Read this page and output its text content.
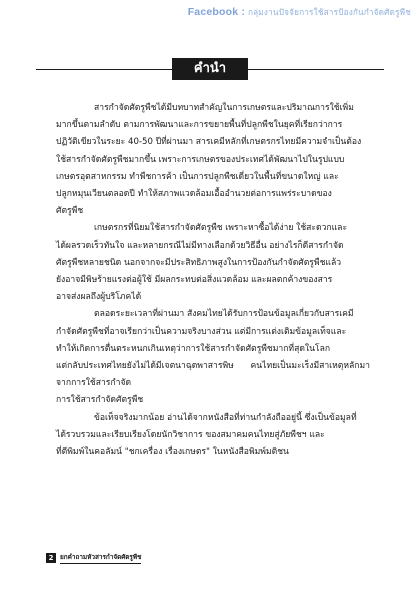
Facebook : กลุ่มงานปัจจัยการใช้สารป้องกันกำจัดศัตรูพืช
คำนำ
สารกำจัดศัตรูพืชได้มีบทบาทสำคัญในการเกษตรและปริมาณการใช้เพิ่ม
มากขึ้นตามลำดับ ตามการพัฒนาและการขยายพื้นที่ปลูกพืชในยุคที่เรียกว่าการ
ปฏิวัติเขียวในระยะ 40-50 ปีที่ผ่านมา สารเคมีหลักที่เกษตรกรไทยมีความจำเป็นต้อง
ใช้สารกำจัดศัตรูพืชมากขึ้น เพราะการเกษตรของประเทศได้พัฒนาไปในรูปแบบ
เกษตรอุตสาหกรรม ทำพืชการค้า เป็นการปลูกพืชเดี่ยวในพื้นที่ขนาดใหญ่ และ
ปลูกหมุนเวียนตลอดปี ทำให้สภาพแวดล้อมเอื้ออำนวยต่อการแพร่ระบาดของ
ศัตรูพืช
เกษตรกรที่นิยมใช้สารกำจัดศัตรูพืช เพราะหาซื้อได้ง่าย ใช้สะดวกและ
ได้ผลรวดเร็วทันใจ และหลายกรณีไม่มีทางเลือกด้วยวิธีอื่น อย่างไรก็ดีสารกำจัด
ศัตรูพืชหลายชนิด นอกจากจะมีประสิทธิภาพสูงในการป้องกันกำจัดศัตรูพืชแล้ว
ยังอาจมีพิษร้ายแรงต่อผู้ใช้ มีผลกระทบต่อสิ่งแวดล้อม และผลตกค้างของสาร
อาจส่งผลถึงผู้บริโภคได้
ตลอดระยะเวลาที่ผ่านมา สังคมไทยได้รับการป้อนข้อมูลเกี่ยวกับสารเคมี
กำจัดศัตรูพืชที่อาจเรียกว่าเป็นความจริงบางส่วน แต่มีการแต่งเติมข้อมูลเท็จและ
ทำให้เกิดการตื่นตระหนกเกินเหตุว่าการใช้สารกำจัดศัตรูพืชมากที่สุดในโลก
แต่กลับประเทศไทยยังไม่ได้มีเจตนาฉุดพาสารพิษ คนไทยเป็นมะเร็งมีสาเหตุหลักมาจากการใช้สารกำจัด
การใช้สารกำจัดศัตรูพืช
ข้อเท็จจริงมากน้อย อ่านได้จากหนังสือที่ท่านกำลังถืออยู่นี้ ซึ่งเป็นข้อมูลที่
ได้รวบรวมและเรียบเรียงโดยนักวิชาการ ของสมาคมคนไทยสู่ภัยพืชฯ และ
ที่ตีพิมพ์ในคอลัมน์ "ชกเครื่อง เรื่องเกษตร" ในหนังสือพิมพ์มติชน
2	ยกคำถามหัวสารกำจัดศัตรูพืช
